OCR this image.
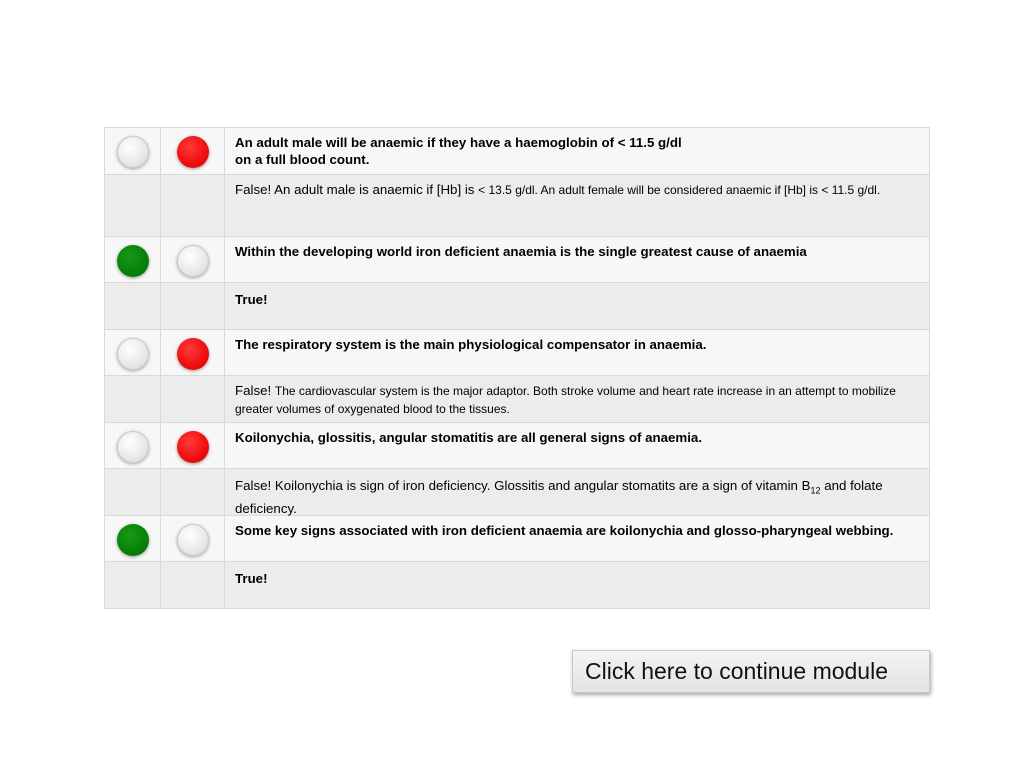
An adult male will be anaemic if they have a haemoglobin of < 11.5 g/dl
on a full blood count.
False! An adult male is anaemic if [Hb] is < 13.5 g/dl. An adult female will be considered anaemic if [Hb] is < 11.5 g/dl.
Within the developing world iron deficient anaemia is the single greatest cause of anaemia
True!
The respiratory system is the main physiological compensator in anaemia.
False! The cardiovascular system is the major adaptor. Both stroke volume and heart rate increase in an attempt to mobilize greater volumes of oxygenated blood to the tissues.
Koilonychia, glossitis, angular stomatitis are all general signs of anaemia.
False! Koilonychia is sign of iron deficiency. Glossitis and angular stomatits are a sign of vitamin $B_{12}$ and folate deficiency.
Some key signs associated with iron deficient anaemia are koilonychia and glosso-pharyngeal webbing.
True!
Click here to continue module
